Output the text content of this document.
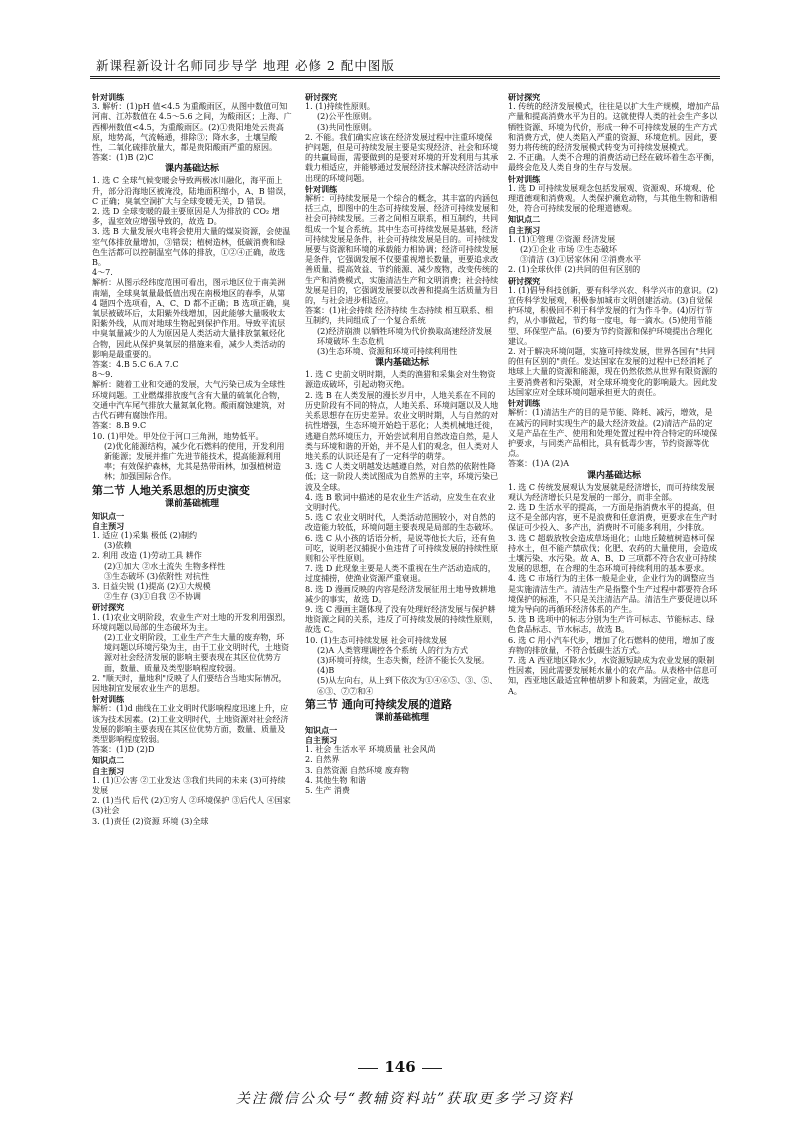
新课程新设计名师同步导学 地理 必修 2 配中图版
针对训练
3. 解析：(1)pH 值<4.5 为重酸雨区，从图中数值可知河南、江苏数值在 4.5～5.6 之间，为酸雨区；上海、广西柳州数值<4.5，为重酸雨区。(2)①贵阳地处云贵高原，地势高，气流畅通，排除③；降水多，土壤呈酸性，二氧化硫排放量大，都是贵阳酸雨严重的原因。
答案：(1)B (2)C
课内基础达标
1. 选 C 全球气候变暖会导致两极冰川融化，海平面上升，部分沿海地区被淹没，陆地面积缩小，A、B 错误，C 正确；臭氧空洞扩大与全球变暖无关，D 错误。
2. 选 D 全球变暖的最主要原因是人为排放的 CO₂ 增多，温室效应增强导致的，故选 D。
3. 选 B 大量发展火电将会使用大量的煤炭资源，会使温室气体排放量增加，③错误；植树造林，低碳消费和绿色生活都可以控制温室气体的排放，①②④正确，故选 B。
4～7.
解析：从图示经纬度范围可看出，图示地区位于南美洲南端，全球臭氧量最低值出现在南极地区的春季，从第 4 题四个选项看，A、C、D 都不正确；B 选项正确，臭氧层被破坏后，太阳紫外线增加，因此能够大量吸收太阳紫外线，从而对地球生物起到保护作用。导致平流层中臭氧量减少的人为原因是人类活动大量排放氯氟烃化合物，因此从保护臭氧层的措施来看，减少人类活动的影响是最重要的。
答案：4.B 5.C 6.A 7.C
8～9.
解析：随着工业和交通的发展，大气污染已成为全球性环境问题。工业燃煤排放废气含有大量的硫氧化合物，交通中汽车尾气排放大量氮氧化物。酸雨腐蚀建筑，对古代石碑有腐蚀作用。
答案：8.B 9.C
10. (1)甲处。甲处位于河口三角洲，地势低平。
(2)优化能源结构，减少化石燃料的使用，开发利用新能源；发展并推广先进节能技术，提高能源利用率；有效保护森林，尤其是热带雨林，加强植树造林；加强国际合作。
第二节 人地关系思想的历史演变
课前基础梳理
知识点一
自主预习
1. 适应 (1)采集 极低 (2)制约
(3)依赖
2. 利用 改造 (1)劳动工具 耕作
(2)①加大 ②水土流失 生物多样性
③生态破坏 (3)依附性 对抗性
3. 日益尖锐 (1)提高 (2)①大规模
②生存 (3)①自我 ②不协调
研讨探究
1. (1)农业文明阶段，农业生产对土地的开发利用强烈，环境问题以局部的生态破坏为主。
(2)工业文明阶段，工业生产产生大量的废弃物，环境问题以环境污染为主，由于工业文明时代，土地资源对社会经济发展的影响主要表现在其区位优势方面，数量、质量及类型影响程度较弱。
2. "顺天时，量地利"反映了人们要结合当地实际情况，因地制宜发展农业生产的思想。
针对训练
解析：(1)d 曲线在工业文明时代影响程度迅速上升，应该为技术因素。(2)工业文明时代，土地资源对社会经济发展的影响主要表现在其区位优势方面，数量、质量及类型影响程度较弱。
答案：(1)D (2)D
知识点二
自主预习
1. (1)①公害 ②工业发达 ③我们共同的未来 (3)可持续发展
2. (1)当代 后代 (2)①穷人 ②环境保护 ③后代人 ④国家 (3)社会
3. (1)责任 (2)资源 环境 (3)全球
研讨探究
1. (1)持续性原则。
(2)公平性原则。
(3)共同性原则。
2. 不能。我们确实应该在经济发展过程中注重环境保护问题，但是可持续发展主要是实现经济、社会和环境的共赢局面，需要做到的是要对环境的开发利用与其承载力相适应，并能够通过发展经济技术解决经济活动中出现的环境问题。
针对训练
解析：可持续发展是一个综合的概念，其丰富的内涵包括三点，即图中的生态可持续发展、经济可持续发展和社会可持续发展。三者之间相互联系，相互制约，共同组成一个复合系统。其中生态可持续发展是基础，经济可持续发展是条件，社会可持续发展是目的。可持续发展要与资源和环境的承载能力相协调；经济可持续发展是条件，它强调发展不仅要重视增长数量，更要追求改善质量、提高效益、节约能源、减少废物，改变传统的生产和消费模式，实施清洁生产和文明消费；社会持续发展是目的，它强调发展要以改善和提高生活质量为目的，与社会进步相适应。
答案：(1)社会持续 经济持续 生态持续 相互联系、相互制约，共同组成了一个复合系统
(2)经济崩溃 以牺牲环境为代价换取高速经济发展 环境破坏 生态危机
(3)生态环境、资源和环境可持续利用性
课内基础达标
1. 选 C 史前文明时期，人类的渔猎和采集会对生物资源造成破坏，引起动物灭绝。
2. 选 B 在人类发展的漫长岁月中，人地关系在不同的历史阶段有不同的特点，人地关系、环境问题以及人地关系思想存在历史差异。农业文明时期，人与自然的对抗性增强，生态环境开始趋于恶化；人类机械地迁徙，逃避自然环境压力，开始尝试利用自然改造自然，是人类与环境和谐的开始，并不是人们的观念，但人类对人地关系的认识还是有了一定科学的萌芽。
3. 选 C 人类文明越发达越遵自然，对自然的依附性降低；这一阶段人类试图成为自然界的主宰，环境污染已波及全球。
4. 选 B 歌词中描述的是农业生产活动，应发生在农业文明时代。
5. 选 C 农业文明时代，人类活动范围较小，对自然的改造能力较低，环境问题主要表现是局部的生态破坏。
6. 选 C 从小孩的话语分析，是说等他长大后，还有鱼可吃，说明老汉捕捉小鱼违背了可持续发展的持续性原则和公平性原则。
7. 选 D 此现象主要是人类不重视在生产活动造成的，过度捕捞，使渔业资源严重衰退。
8. 选 D 漫画反映的内容是经济发展征用土地导致耕地减少的事实，故选 D。
9. 选 C 漫画主题体现了没有处理好经济发展与保护耕地资源之间的关系，违反了可持续发展的持续性原则，故选 C。
10. (1)生态可持续发展 社会可持续发展
(2)A 人类管理调控各个系统 人的行为方式
(3)环境可持续，生态失衡，经济不能长久发展。
(4)B
(5)从左向右，从上到下依次为①④⑥⑤、③、⑤、⑥③、⑦⑦和④
第三节 通向可持续发展的道路
课前基础梳理
知识点一
自主预习
1. 社会 生活水平 环境质量 社会风尚
2. 自然界
3. 自然资源 自然环境 废弃物
4. 其他生物 和谐
5. 生产 消费
研讨探究
1. 传统的经济发展模式，往往是以扩大生产规模，增加产品产量和提高消费水平为目的。这就使得人类的社会生产多以牺牲资源、环境为代价，形成一种不可持续发展的生产方式和消费方式，使人类陷入严重的资源、环境危机。因此，要努力将传统的经济发展模式转变为可持续发展模式。
2. 不正确。人类不合理的消费活动已经在破坏着生态平衡，最终会危及人类自身的生存与发展。
针对训练
1. 选 D 可持续发展观念包括发展观、资源观、环境观、伦理道德观和消费观。人类保护濒危动物，与其他生物和谐相处，符合可持续发展的伦理道德观。
知识点二
自主预习
1. (1)①管理 ②资源 经济发展
(2)①企业 市场 ②生态破坏
③清洁 (3)①居家休闲 ②消费水平
2. (1)全球伙伴 (2)共同的但有区别的
研讨探究
1. (1)倡导科技创新，要有科学兴农、科学兴市的意识。(2)宣传科学发展观，积极参加城市文明创建活动。(3)自觉保护环境，积极回不利于科学发展的行为作斗争。(4)厉行节约，从小事做起，节约每一度电，每一滴水。(5)使用节能型、环保型产品。(6)要为节约资源和保护环境提出合理化建议。
2. 对于解决环境问题，实施可持续发展，世界各国有"共同的但有区别的"责任。发达国家在发展的过程中已经消耗了地球上大量的资源和能源，现在仍然依然从世界有限资源的主要消费者和污染源，对全球环境变化的影响最大。因此发达国家应对全球环境问题承担更大的责任。
针对训练
解析：(1)清洁生产的目的是节能、降耗、减污，增效，是在减污的同时实现生产的最大经济效益。(2)清洁产品的定义是产品在生产、使用和处理处置过程中符合特定的环境保护要求，与同类产品相比，具有低毒少害，节约资源等优点。
答案：(1)A (2)A
课内基础达标
1. 选 C 传统发展观认为发展就是经济增长，而可持续发展观认为经济增长只是发展的一部分，而非全部。
2. 选 D 生活水平的提高，一方面是指消费水平的提高，但这不是全部内容，更不是浪费和任意消费，更要求在生产时保证可少投入、多产出，消费时不可能多利用，少排放。
3. 选 C 超载放牧会造成草场退化；山地丘陵植树造林可保持水土，但不能产禁砍伐；化肥、农药的大量使用，会造成土壤污染、水污染。故 A、B、D 三项都不符合农业可持续发展的思想，在合理的生态环境可持续利用的基本要求。
4. 选 C 市场行为的主体一般是企业，企业行为的调整应当是实施清洁生产。清洁生产是指整个生产过程中都要符合环境保护的标准，不只是关注清洁产品。清洁生产要促进以环境为导向的再循环经济体系的产生。
5. 选 B 选项中的标志分别为生产许可标志、节能标志、绿色食品标志、节水标志，故选 B。
6. 选 C 用小汽车代步，增加了化石燃料的使用，增加了废弃物的排放量，不符合低碳生活方式。
7. 选 A 西亚地区降水少，水资源短缺成为农业发展的限制性因素，因此需要发展耗水量小的农产品。从表格中信息可知，西亚地区最适宜种植胡萝卜和菠菜，为固定业，故选 A。
146
关注微信公众号“教辅资料站”获取更多学习资料
